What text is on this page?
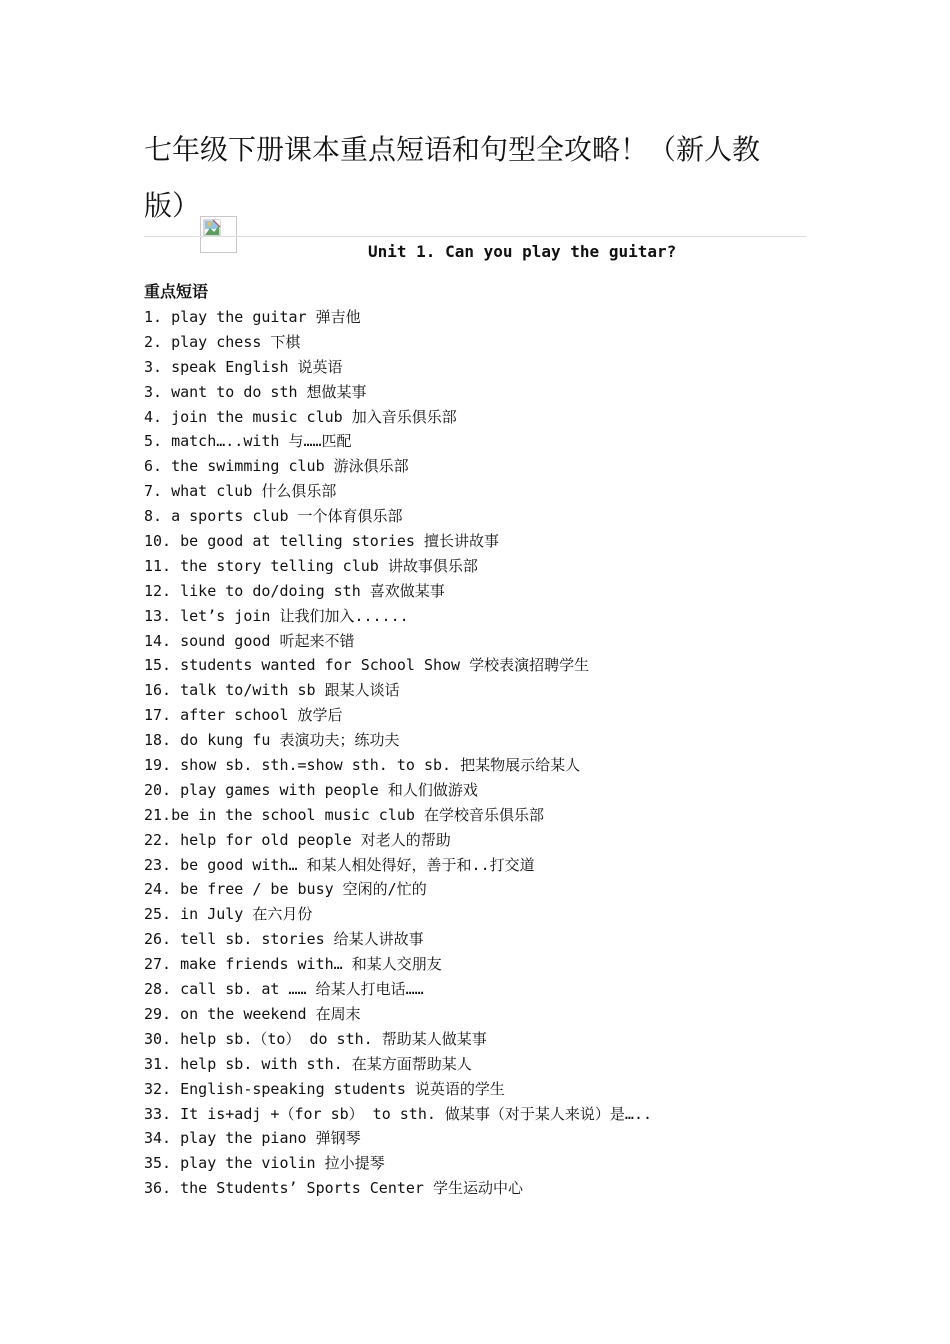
七年级下册课本重点短语和句型全攻略！（新人教
版）
Unit 1. Can you play the guitar?
重点短语
1. play the guitar 弹吉他
2. play chess 下棋
3. speak English 说英语
3. want to do sth 想做某事
4. join the music club 加入音乐俱乐部
5. match…..with 与……匹配
6. the swimming club 游泳俱乐部
7. what club 什么俱乐部
8. a sports club 一个体育俱乐部
10. be good at telling stories 擅长讲故事
11. the story telling club 讲故事俱乐部
12. like to do/doing sth 喜欢做某事
13. let’s join 让我们加入......
14. sound good 听起来不错
15. students wanted for School Show 学校表演招聘学生
16. talk to/with sb 跟某人谈话
17. after school 放学后
18. do kung fu 表演功夫；练功夫
19. show sb. sth.=show sth. to sb. 把某物展示给某人
20. play games with people 和人们做游戏
21.be in the school music club 在学校音乐俱乐部
22. help for old people 对老人的帮助
23. be good with… 和某人相处得好，善于和..打交道
24. be free / be busy 空闲的/忙的
25. in July 在六月份
26. tell sb. stories 给某人讲故事
27. make friends with… 和某人交朋友
28. call sb. at …… 给某人打电话……
29. on the weekend 在周末
30. help sb.（to） do sth. 帮助某人做某事
31. help sb. with sth. 在某方面帮助某人
32. English-speaking students 说英语的学生
33. It is+adj +（for sb） to sth. 做某事（对于某人来说）是…..
34. play the piano 弹钢琴
35. play the violin 拉小提琴
36. the Students’ Sports Center 学生运动中心
